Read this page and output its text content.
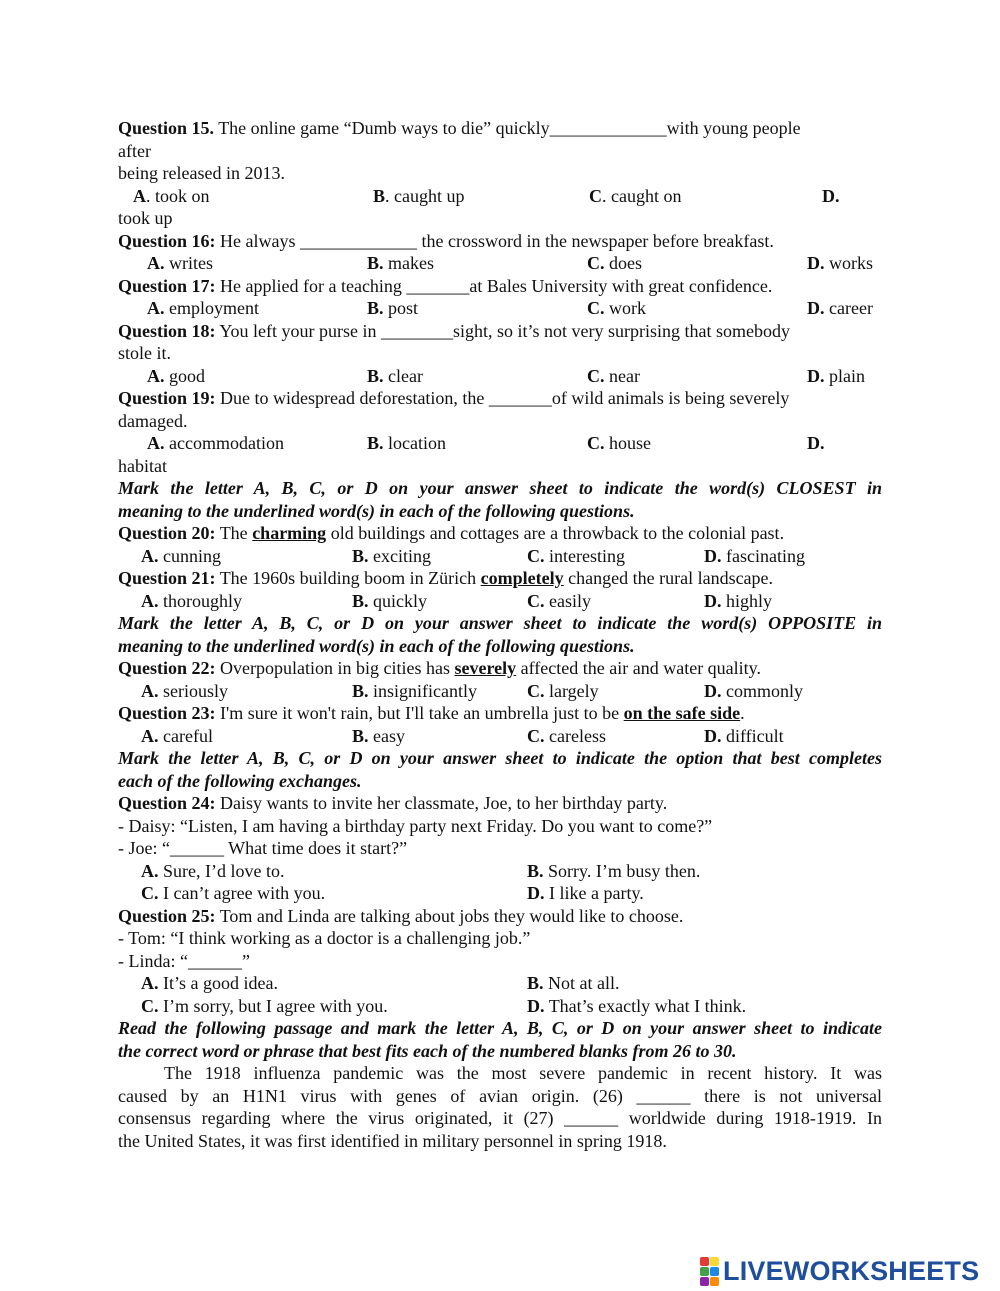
Question 15. The online game “Dumb ways to die” quickly_____________with young people
after
being released in 2013.
A. took on	B. caught up	C. caught on	D.
took up
Question 16: He always _____________ the crossword in the newspaper before breakfast.
A. writes	B. makes	C. does	D. works
Question 17: He applied for a teaching _______at Bales University with great confidence.
A. employment	B. post	C. work	D. career
Question 18: You left your purse in ________sight, so it’s not very surprising that somebody
stole it.
A. good	B. clear	C. near	D. plain
Question 19: Due to widespread deforestation, the _______of wild animals is being severely
damaged.
A. accommodation	B. location	C. house	D.
habitat
Mark the letter A, B, C, or D on your answer sheet to indicate the word(s) CLOSEST in
meaning to the underlined word(s) in each of the following questions.
Question 20: The charming old buildings and cottages are a throwback to the colonial past.
A. cunning	B. exciting	C. interesting	D. fascinating
Question 21: The 1960s building boom in Zürich completely changed the rural landscape.
A. thoroughly	B. quickly	C. easily	D. highly
Mark the letter A, B, C, or D on your answer sheet to indicate the word(s) OPPOSITE in
meaning to the underlined word(s) in each of the following questions.
Question 22: Overpopulation in big cities has severely affected the air and water quality.
A. seriously	B. insignificantly	C. largely	D. commonly
Question 23: I'm sure it won't rain, but I'll take an umbrella just to be on the safe side.
A. careful	B. easy	C. careless	D. difficult
Mark the letter A, B, C, or D on your answer sheet to indicate the option that best completes
each of the following exchanges.
Question 24: Daisy wants to invite her classmate, Joe, to her birthday party.
- Daisy: “Listen, I am having a birthday party next Friday. Do you want to come?”
- Joe: “______ What time does it start?”
A. Sure, I’d love to.	B. Sorry. I’m busy then.
C. I can’t agree with you.	D. I like a party.
Question 25: Tom and Linda are talking about jobs they would like to choose.
- Tom: “I think working as a doctor is a challenging job.”
- Linda: “______”
A. It’s a good idea.	B. Not at all.
C. I’m sorry, but I agree with you.	D. That’s exactly what I think.
Read the following passage and mark the letter A, B, C, or D on your answer sheet to indicate
the correct word or phrase that best fits each of the numbered blanks from 26 to 30.
The 1918 influenza pandemic was the most severe pandemic in recent history. It was
caused by an H1N1 virus with genes of avian origin. (26) ______ there is not universal
consensus regarding where the virus originated, it (27) ______ worldwide during 1918-1919. In
the United States, it was first identified in military personnel in spring 1918.
LIVEWORKSHEETS
